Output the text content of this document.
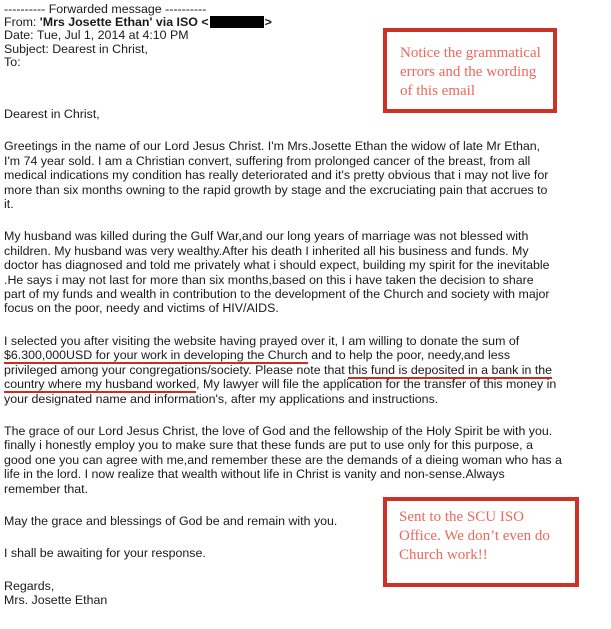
---------- Forwarded message ----------
From: 'Mrs Josette Ethan' via ISO <	>
Date: Tue, Jul 1, 2014 at 4:10 PM
Subject: Dearest in Christ,
To:
Dearest in Christ,
Greetings in the name of our Lord Jesus Christ. I'm Mrs.Josette Ethan the widow of late Mr Ethan,
I'm 74 year sold. I am a Christian convert, suffering from prolonged cancer of the breast, from all
medical indications my condition has really deteriorated and it's pretty obvious that i may not live for
more than six months owning to the rapid growth by stage and the excruciating pain that accrues to
it.
My husband was killed during the Gulf War,and our long years of marriage was not blessed with
children. My husband was very wealthy.After his death I inherited all his business and funds. My
doctor has diagnosed and told me privately what i should expect, building my spirit for the inevitable
.He says i may not last for more than six months,based on this i have taken the decision to share
part of my funds and wealth in contribution to the development of the Church and society with major
focus on the poor, needy and victims of HIV/AIDS.
I selected you after visiting the website having prayed over it, I am willing to donate the sum of
$6.300,000USD for your work in developing the Church and to help the poor, needy,and less
privileged among your congregations/society. Please note that this fund is deposited in a bank in the
country where my husband worked, My lawyer will file the application for the transfer of this money in
your designated name and information's, after my applications and instructions.
The grace of our Lord Jesus Christ, the love of God and the fellowship of the Holy Spirit be with you.
finally i honestly employ you to make sure that these funds are put to use only for this purpose, a
good one you can agree with me,and remember these are the demands of a dieing woman who has a
life in the lord. I now realize that wealth without life in Christ is vanity and non-sense.Always
remember that.
May the grace and blessings of God be and remain with you.
I shall be awaiting for your response.
Regards,
Mrs. Josette Ethan
Notice the grammatical
errors and the wording
of this email
Sent to the SCU ISO
Office. We don’t even do
Church work!!
